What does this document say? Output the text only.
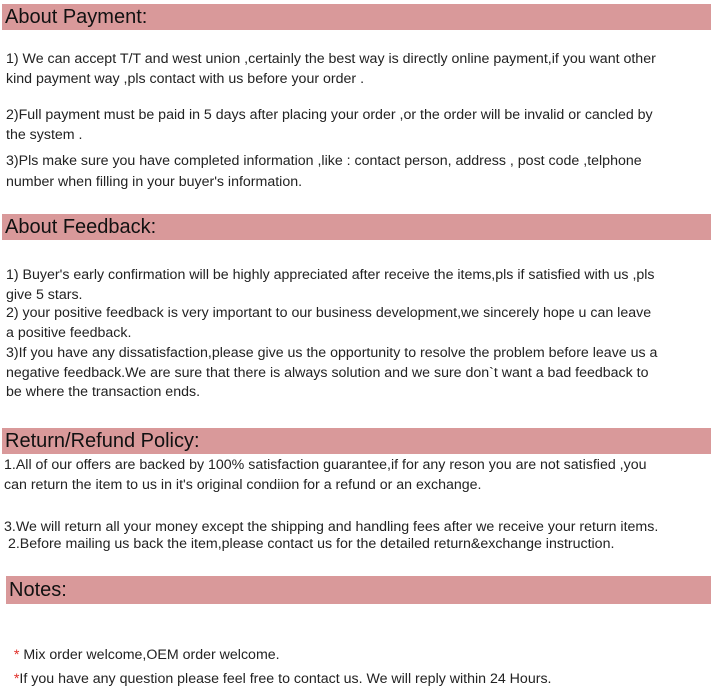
About Payment:
1) We can accept T/T and west union ,certainly the best way is directly online payment,if you want other
kind payment way ,pls contact with us before your order .
2)Full payment must be paid in 5 days after placing your order ,or the order will be invalid or cancled by
the system .
3)Pls make sure you have completed information ,like : contact person, address , post code ,telphone
number when filling in your buyer's information.
About Feedback:
1) Buyer's early confirmation will be highly appreciated after receive the items,pls if satisfied with us ,pls
give 5 stars.
2) your positive feedback is very important to our business development,we sincerely hope u can leave
a positive feedback.
3)If you have any dissatisfaction,please give us the opportunity to resolve the problem before leave us a
negative feedback.We are sure that there is always solution and we sure don`t want a bad feedback to
be where the transaction ends.
Return/Refund Policy:
1.All of our offers are backed by 100% satisfaction guarantee,if for any reson you are not satisfied ,you
can return the item to us in it's original condiion for a refund or an exchange.

2.Before mailing us back the item,please contact us for the detailed return&exchange instruction.

3.We will return all your money except the shipping and handling fees after we receive your return items.
Notes:

* Mix order welcome,OEM order welcome.

*If you have any question please feel free to contact us. We will reply within 24 Hours.
